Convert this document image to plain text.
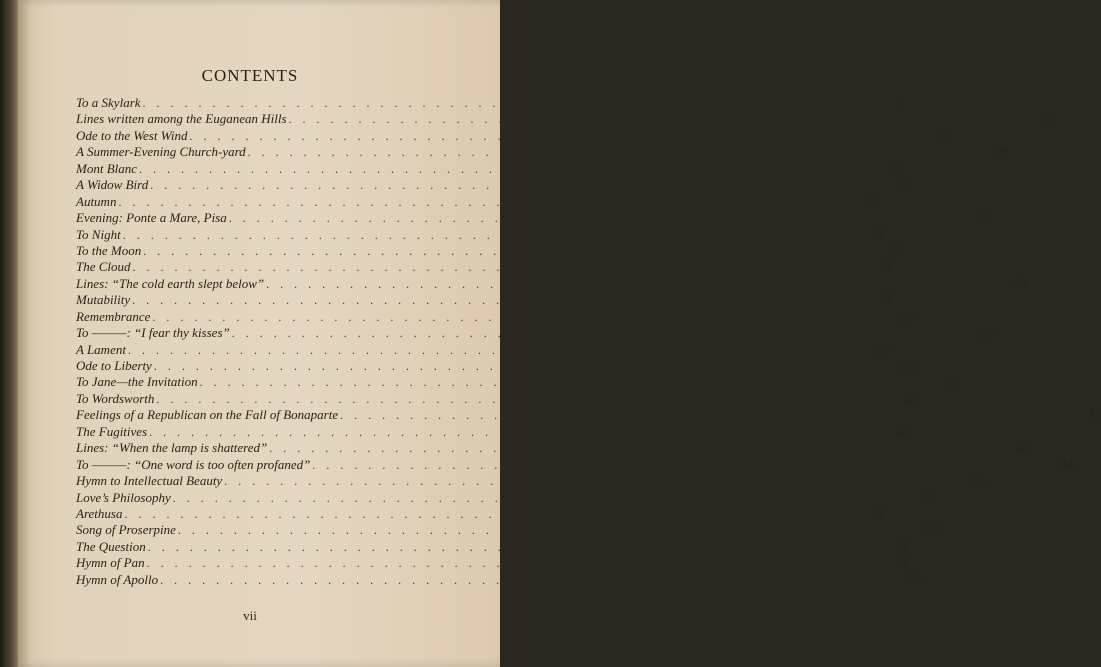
CONTENTS
To a Skylark . . . . . . . . . . . . . . . . . . . . . . . . . . . . . . . . . . . . . . . . . . . . . . . . . . . . .	3
Lines written among the Euganean Hills . . . . . . . . . . . . . . . . . . . . . . . . . . . . . . . . . . . . . . . . . . . . . . . . . . . . .	6
Ode to the West Wind . . . . . . . . . . . . . . . . . . . . . . . . . . . . . . . . . . . . . . . . . . . . . . . . . . . . .	15
A Summer-Evening Church-yard . . . . . . . . . . . . . . . . . . . . . . . . . . . . . . . . . . . . . . . . . . . . . . . . . . . . .	18
Mont Blanc . . . . . . . . . . . . . . . . . . . . . . . . . . . . . . . . . . . . . . . . . . . . . . . . . . . . .	19
A Widow Bird . . . . . . . . . . . . . . . . . . . . . . . . . . . . . . . . . . . . . . . . . . . . . . . . . . . . .	22
Autumn . . . . . . . . . . . . . . . . . . . . . . . . . . . . . . . . . . . . . . . . . . . . . . . . . . . . .	23
Evening: Ponte a Mare, Pisa . . . . . . . . . . . . . . . . . . . . . . . . . . . . . . . . . . . . . . . . . . . . . . . . . . . . .	23
To Night . . . . . . . . . . . . . . . . . . . . . . . . . . . . . . . . . . . . . . . . . . . . . . . . . . . . .	24
To the Moon . . . . . . . . . . . . . . . . . . . . . . . . . . . . . . . . . . . . . . . . . . . . . . . . . . . . .	25
The Cloud . . . . . . . . . . . . . . . . . . . . . . . . . . . . . . . . . . . . . . . . . . . . . . . . . . . . .	26
Lines: “The cold earth slept below” . . . . . . . . . . . . . . . . . . . . . . . . . . . . . . . . . . . . . . . . . . . . . . . . . . . . .	28
Mutability . . . . . . . . . . . . . . . . . . . . . . . . . . . . . . . . . . . . . . . . . . . . . . . . . . . . .	29
Remembrance . . . . . . . . . . . . . . . . . . . . . . . . . . . . . . . . . . . . . . . . . . . . . . . . . . . . .	29
To ———: “I fear thy kisses” . . . . . . . . . . . . . . . . . . . . . . . . . . . . . . . . . . . . . . . . . . . . . . . . . . . . .	30
A Lament . . . . . . . . . . . . . . . . . . . . . . . . . . . . . . . . . . . . . . . . . . . . . . . . . . . . .	30
Ode to Liberty . . . . . . . . . . . . . . . . . . . . . . . . . . . . . . . . . . . . . . . . . . . . . . . . . . . . .	31
To Jane—the Invitation . . . . . . . . . . . . . . . . . . . . . . . . . . . . . . . . . . . . . . . . . . . . . . . . . . . . .	38
To Wordsworth . . . . . . . . . . . . . . . . . . . . . . . . . . . . . . . . . . . . . . . . . . . . . . . . . . . . .	40
Feelings of a Republican on the Fall of Bonaparte . . . . . . . . . . . . . . . . . . . . . . . . . . . . . . . . . . . . . . . . . . . . . . . . . . . . .	41
The Fugitives . . . . . . . . . . . . . . . . . . . . . . . . . . . . . . . . . . . . . . . . . . . . . . . . . . . . .	41
Lines: “When the lamp is shattered” . . . . . . . . . . . . . . . . . . . . . . . . . . . . . . . . . . . . . . . . . . . . . . . . . . . . .	43
To ———: “One word is too often profaned” . . . . . . . . . . . . . . . . . . . . . . . . . . . . . . . . . . . . . . . . . . . . . . . . . . . . .	44
Hymn to Intellectual Beauty . . . . . . . . . . . . . . . . . . . . . . . . . . . . . . . . . . . . . . . . . . . . . . . . . . . . .	45
Love’s Philosophy . . . . . . . . . . . . . . . . . . . . . . . . . . . . . . . . . . . . . . . . . . . . . . . . . . . . .	47
Arethusa . . . . . . . . . . . . . . . . . . . . . . . . . . . . . . . . . . . . . . . . . . . . . . . . . . . . .	48
Song of Proserpine . . . . . . . . . . . . . . . . . . . . . . . . . . . . . . . . . . . . . . . . . . . . . . . . . . . . .	50
The Question . . . . . . . . . . . . . . . . . . . . . . . . . . . . . . . . . . . . . . . . . . . . . . . . . . . . .	51
Hymn of Pan . . . . . . . . . . . . . . . . . . . . . . . . . . . . . . . . . . . . . . . . . . . . . . . . . . . . .	52
Hymn of Apollo . . . . . . . . . . . . . . . . . . . . . . . . . . . . . . . . . . . . . . . . . . . . . . . . . . . . .	53
vii
